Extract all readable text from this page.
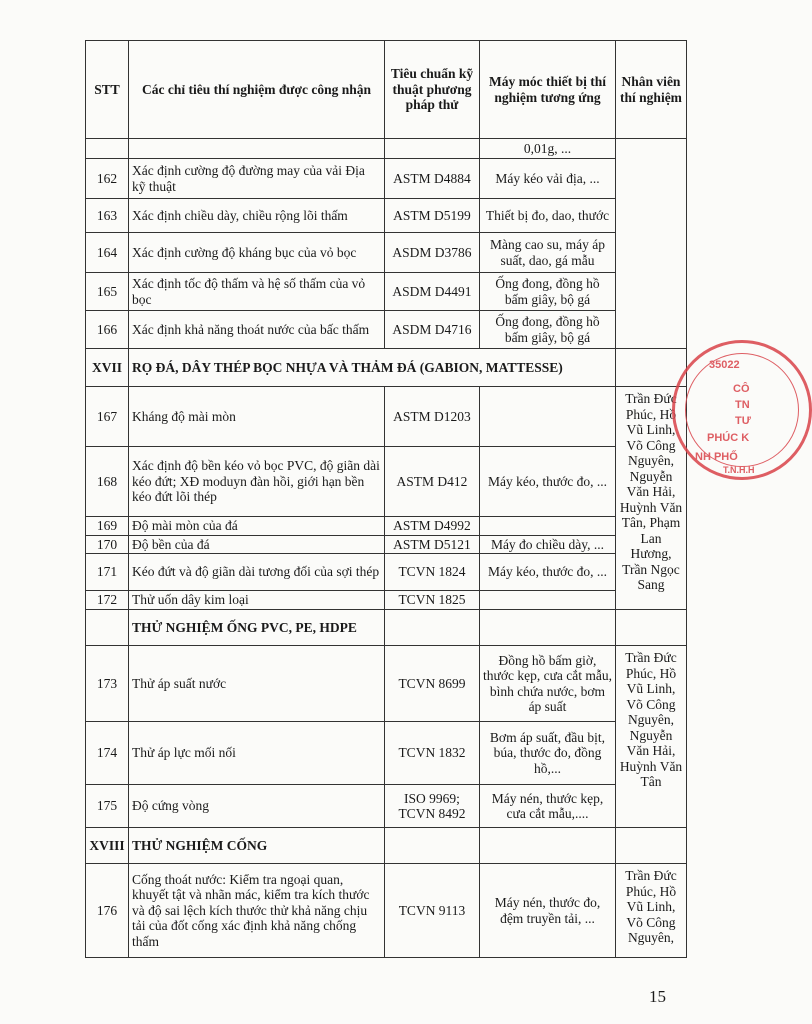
STT	Các chỉ tiêu thí nghiệm được công nhận	Tiêu chuẩn kỹ thuật phương pháp thử	Máy móc thiết bị thí nghiệm tương ứng	Nhân viên thí nghiệm
			0,01g, ...	
162	Xác định cường độ đường may của vải Địa kỹ thuật	ASTM D4884	Máy kéo vải địa, ...	
163	Xác định chiều dày, chiều rộng lõi thấm	ASTM D5199	Thiết bị đo, dao, thước	
164	Xác định cường độ kháng bục của vỏ bọc	ASDM D3786	Màng cao su, máy áp suất, dao, gá mẫu	
165	Xác định tốc độ thấm và hệ số thấm của vỏ bọc	ASDM D4491	Ống đong, đồng hồ bấm giây, bộ gá	
166	Xác định khả năng thoát nước của bấc thấm	ASDM D4716	Ống đong, đồng hồ bấm giây, bộ gá	
XVII	RỌ ĐÁ, DÂY THÉP BỌC NHỰA VÀ THẢM ĐÁ (GABION, MATTESSE)			
167	Kháng độ mài mòn	ASTM D1203		Trần Đức Phúc, Hồ Vũ Linh, Võ Công Nguyên, Nguyễn Văn Hải, Huỳnh Văn Tân, Phạm Lan Hương, Trần Ngọc Sang
168	Xác định độ bền kéo vỏ bọc PVC, độ giãn dài kéo đứt; XĐ moduyn đàn hồi, giới hạn bền kéo đứt lõi thép	ASTM D412	Máy kéo, thước đo, ...	
169	Độ mài mòn của đá	ASTM D4992		
170	Độ bền của đá	ASTM D5121	Máy đo chiều dày, ...	
171	Kéo đứt và độ giãn dài tương đối của sợi thép	TCVN 1824	Máy kéo, thước đo, ...	
172	Thử uốn dây kim loại	TCVN 1825		
	THỬ NGHIỆM ỐNG PVC, PE, HDPE			
173	Thử áp suất nước	TCVN 8699	Đồng hồ bấm giờ, thước kẹp, cưa cắt mẫu, bình chứa nước, bơm áp suất	Trần Đức Phúc, Hồ Vũ Linh, Võ Công Nguyên, Nguyễn Văn Hải, Huỳnh Văn Tân
174	Thử áp lực mối nối	TCVN 1832	Bơm áp suất, đầu bịt, búa, thước đo, đồng hồ,...	
175	Độ cứng vòng	ISO 9969; TCVN 8492	Máy nén, thước kẹp, cưa cắt mẫu,....	
XVIII	THỬ NGHIỆM CỐNG			
176	Cống thoát nước: Kiểm tra ngoại quan, khuyết tật và nhãn mác, kiểm tra kích thước và độ sai lệch kích thước thử khả năng chịu tải của đốt cống xác định khả năng chống thấm	TCVN 9113	Máy nén, thước đo, đệm truyền tải, ...	Trần Đức Phúc, Hồ Vũ Linh, Võ Công Nguyên,
35022
CÔ
TN
TƯ
PHÚC K
NH PHỐ
T.N.H.H
15
